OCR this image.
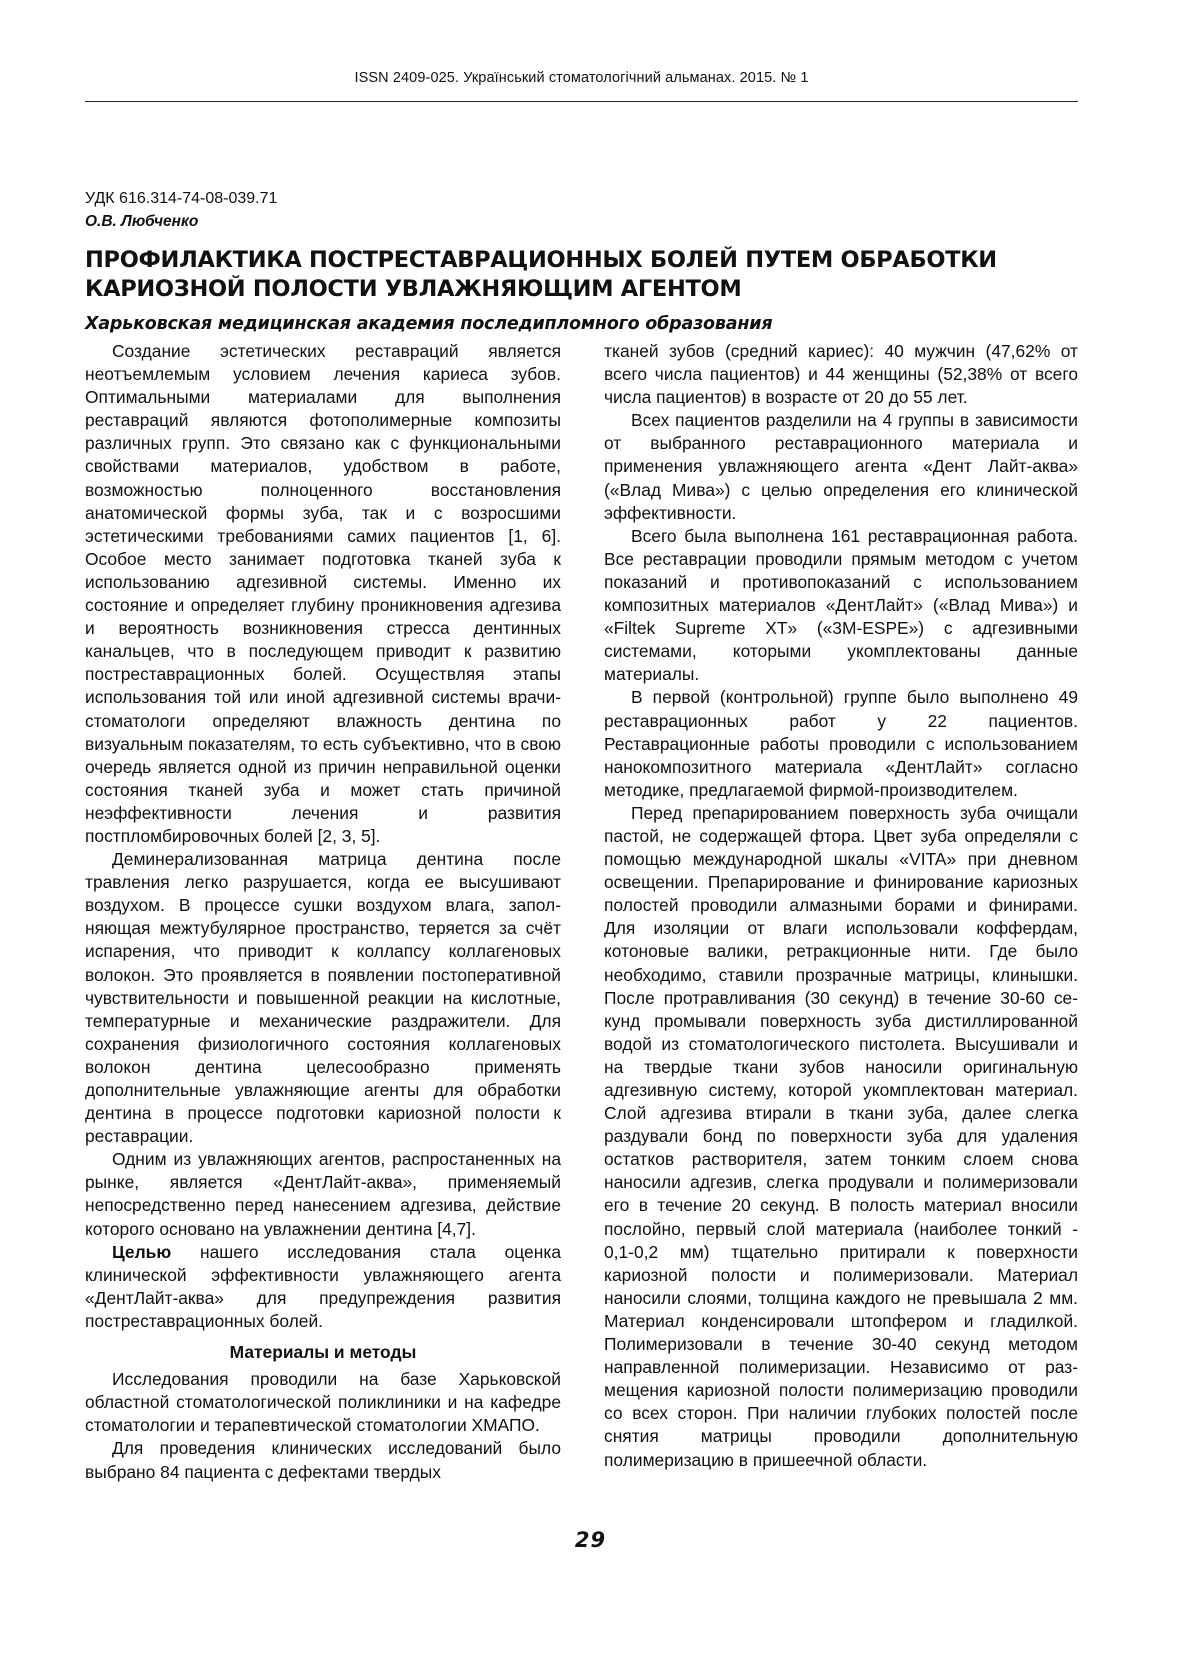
ISSN 2409-025. Український стоматологічний альманах. 2015. № 1
УДК 616.314-74-08-039.71
О.В. Любченко
ПРОФИЛАКТИКА ПОСТРЕСТАВРАЦИОННЫХ БОЛЕЙ ПУТЕМ ОБРАБОТКИ КАРИОЗНОЙ ПОЛОСТИ УВЛАЖНЯЮЩИМ АГЕНТОМ
Харьковская медицинская академия последипломного образования

Создание эстетических реставраций является неотъемлемым условием лечения кариеса зубов. Оптимальными материалами для выполнения реставраций являются фотополимерные композиты различных групп. Это связано как с функциональными свойствами материалов, удобством в работе, возможностью полноценного восстановления анатомической формы зуба, так и с возросшими эстетическими требованиями самих пациентов [1, 6]. Особое место занимает подготовка тканей зуба к использованию адгезивной системы. Именно их состояние и определяет глубину проникновения адгезива и вероятность возникновения стресса дентинных канальцев, что в последующем приводит к развитию постреставрационных болей. Осуществляя этапы использования той или иной адгезивной системы врачи-стоматологи определяют влажность дентина по визуальным показателям, то есть субъективно, что в свою очередь является одной из причин неправильной оценки состояния тканей зуба и может стать причиной неэффективности лечения и развития постпломбировочных болей [2, 3, 5].

Деминерализованная матрица дентина после травления легко разрушается, когда ее высушивают воздухом. В процессе сушки воздухом влага, заполняющая межтубулярное пространство, теряется за счёт испарения, что приводит к коллапсу коллагеновых волокон. Это проявляется в появлении постоперативной чувствительности и повышенной реакции на кислотные, температурные и механические раздражители. Для сохранения физиологичного состояния коллагеновых волокон дентина целесообразно применять дополнительные увлажняющие агенты для обработки дентина в процессе подготовки кариозной полости к реставрации.

Одним из увлажняющих агентов, распростаненных на рынке, является «ДентЛайт-аква», применяемый непосредственно перед нанесением адгезива, действие которого основано на увлажнении дентина [4,7].

Целью нашего исследования стала оценка клинической эффективности увлажняющего агента «ДентЛайт-аква» для предупреждения развития постреставрационных болей.

Материалы и методы

Исследования проводили на базе Харьковской областной стоматологической поликлиники и на кафедре стоматологии и терапевтической стоматологии ХМАПО.

Для проведения клинических исследований было выбрано 84 пациента с дефектами твердых

тканей зубов (средний кариес): 40 мужчин (47,62% от всего числа пациентов) и 44 женщины (52,38% от всего числа пациентов) в возрасте от 20 до 55 лет.

Всех пациентов разделили на 4 группы в зависимости от выбранного реставрационного материала и применения увлажняющего агента «Дент Лайт-аква» («Влад Мива») с целью определения его клинической эффективности.

Всего была выполнена 161 реставрационная работа. Все реставрации проводили прямым методом с учетом показаний и противопоказаний с использованием композитных материалов «ДентЛайт» («Влад Мива») и «Filtek Supreme XT» («3M-ESPE») с адгезивными системами, которыми укомплектованы данные материалы.

В первой (контрольной) группе было выполнено 49 реставрационных работ у 22 пациентов. Реставрационные работы проводили с использованием нанокомпозитного материала «ДентЛайт» согласно методике, предлагаемой фирмой-производителем.

Перед препарированием поверхность зуба очищали пастой, не содержащей фтора. Цвет зуба определяли с помощью международной шкалы «VITA» при дневном освещении. Препарирование и финирование кариозных полостей проводили алмазными борами и финирами. Для изоляции от влаги использовали коффердам, котоновые валики, ретракционные нити. Где было необходимо, ставили прозрачные матрицы, клинышки. После протравливания (30 секунд) в течение 30-60 секунд промывали поверхность зуба дистиллированной водой из стоматологического пистолета. Высушивали и на твердые ткани зубов наносили оригинальную адгезивную систему, которой укомплектован материал. Слой адгезива втирали в ткани зуба, далее слегка раздували бонд по поверхности зуба для удаления остатков растворителя, затем тонким слоем снова наносили адгезив, слегка продували и полимеризовали его в течение 20 секунд. В полость материал вносили послойно, первый слой материала (наиболее тонкий - 0,1-0,2 мм) тщательно притирали к поверхности кариозной полости и полимеризовали. Материал наносили слоями, толщина каждого не превышала 2 мм. Материал конденсировали штопфером и гладилкой. Полимеризовали в течение 30-40 секунд методом направленной полимеризации. Независимо от размещения кариозной полости полимеризацию проводили со всех сторон. При наличии глубоких полостей после снятия матрицы проводили дополнительную полимеризацию в пришеечной области.

29
